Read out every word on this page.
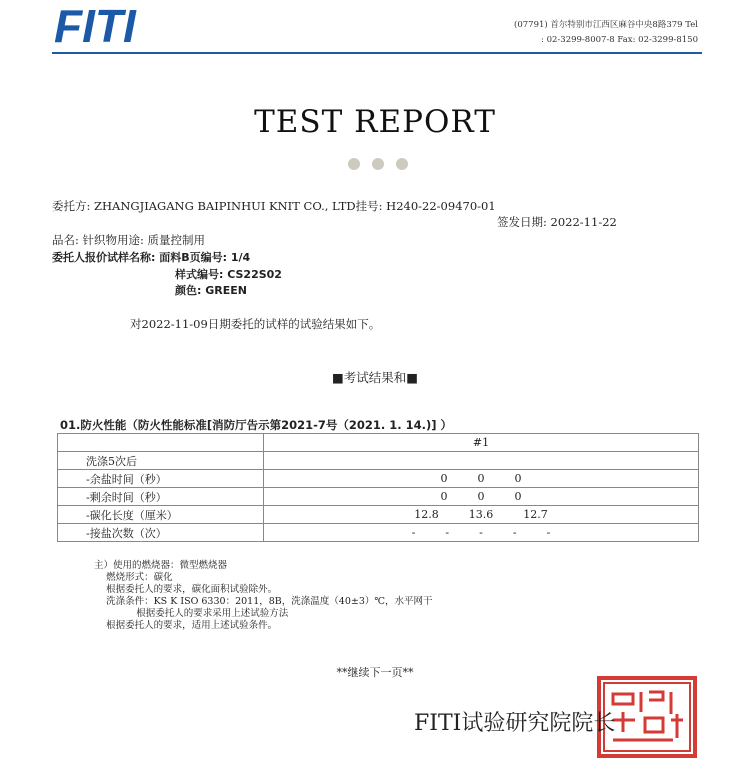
FITI	(07791) 首尔特别市江西区麻谷中央8路379 Tel
: 02-3299-8007-8 Fax: 02-3299-8150
TEST REPORT
委托方: ZHANGJIAGANG BAIPINHUI KNIT CO., LTD挂号: H240-22-09470-01
签发日期: 2022-11-22
品名: 针织物用途: 质量控制用
委托人报价试样名称: 面料B页编号: 1/4
样式编号: CS22S02
颜色: GREEN
对2022-11-09日期委托的试样的试验结果如下。
■考试结果和■
01.防火性能（防火性能标准[消防厅告示第2021-7号（2021. 1. 14.)] ）
	#1
洗涤5次后	
-余盐时间（秒）	0 0 0

-剩余时间（秒）	0 0 0

-碳化长度（厘米）	12.8 13.6 12.7

-接盐次数（次）	- - - - -
主）使用的燃烧器：微型燃烧器
燃烧形式：碳化
根据委托人的要求，碳化面积试验除外。
洗涤条件：KS K ISO 6330：2011，8B，洗涤温度（40±3）℃，水平网干
根据委托人的要求采用上述试验方法
根据委托人的要求，适用上述试验条件。
**继续下一页**
FITI试验研究院院长
